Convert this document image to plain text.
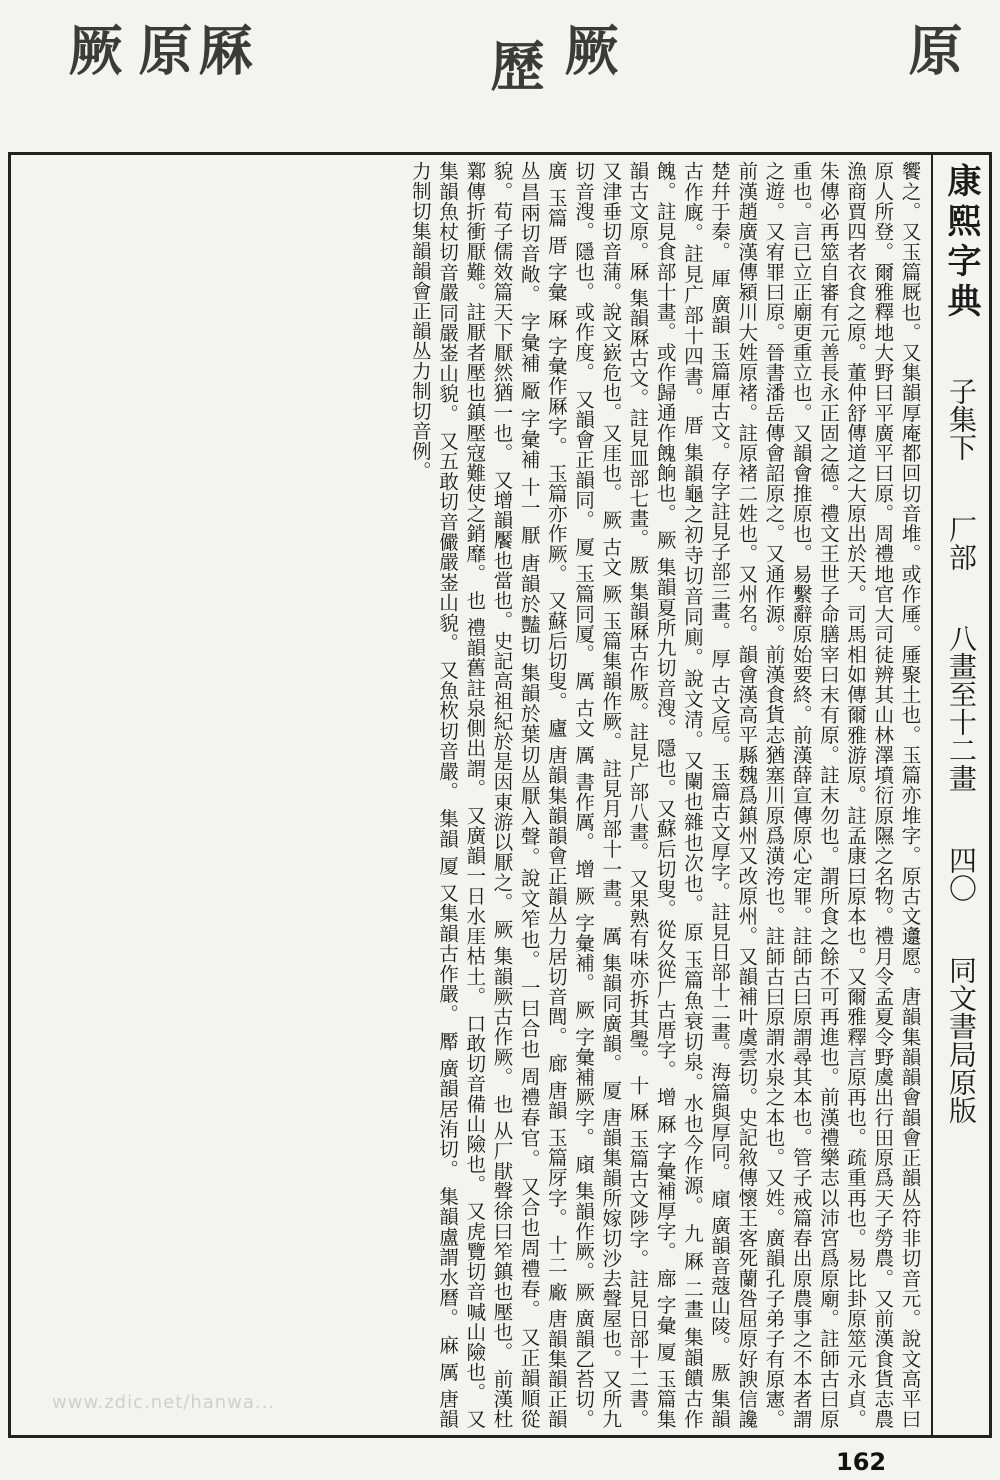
厥 原
厤	歷 厥	原
康熙字典  子集下  厂部  八畫至十二畫  四〇  同文書局原版
饗之。又玉篇厩也。又集韻厚庵都回切音堆。或作厜。厜聚土也。玉篇亦堆字。原古文邍愿。唐韻集韻韻會韻會正韻丛符非切音元。說文高平曰原人所登。爾雅釋地大野曰平廣平曰原。周禮地官大司徒辨其山林澤墳衍原隰之名物。禮月令孟夏令野虞出行田原爲天子勞農。又前漢食貨志農漁商賈四者衣食之原。董仲舒傳道之大原出於天。司馬相如傳爾雅游原。註孟康曰原本也。又爾雅釋言原再也。疏重再也。易比卦原筮元永貞。朱傳必再筮自審有元善長永正固之德。禮文王世子命膳宰曰末有原。註末勿也。謂所食之餘不可再進也。前漢禮樂志以沛宮爲原廟。註師古曰原重也。言已立正廟更重立也。又韻會推原也。易繫辭原始要終。前漢薛宣傳原心定罪。註師古曰原謂尋其本也。管子戒篇春出原農事之不本者謂之遊。又宥罪曰原。晉書潘岳傳會詔原之。又通作源。前漢食貨志猶塞川原爲潢洿也。註師古曰原謂水泉之本也。又姓。廣韻孔子弟子有原憲。前漢趙廣漢傳潁川大姓原褚。註原褚二姓也。又州名。韻會漢高平縣魏爲鎮州又改原州。又韻補叶虞雲切。史記敘傳懷王客死蘭咎屈原好諛信讒楚幷于秦。 厙 廣韻 玉篇厙古文。存字註見子部三畫。 厚 古文垕。 玉篇古文厚字。註見日部十二畫。海篇與厚同。 廎 廣韻音蔻山陵。 厫 集韻古作廐。註見广部十四書。 厝 集韻龜之初寺切音同廁。說文清。又闌也雜也次也。 原 玉篇魚衰切泉。水也今作源。 九 厤 二畫 集韻饋古作餽。註見食部十畫。或作歸通作餽餉也。 厥 集韻夏所九切音溲。隱也。又蘇后切叟。從夂從厂古厝字。 增 厤 字彙補厚字。 廍 字彙 厦 玉篇集韻古文原。厤 集韻厤古文。註見皿部七畫。 厫 集韻厤古作厫。註見广部八畫。 又果熟有味亦拆其璺。 十 厤 玉篇古文陟字。註見日部十二書。又津垂切音蒲。說文嶔危也。又厓也。 厥 古文 厥 玉篇集韻作厥。 註見月部十一畫。 厲 集韻同廣韻。 厦 唐韻集韻所嫁切沙去聲屋也。又所九切音溲。隱也。或作度。 又韻會正韻同。 厦 玉篇同厦。 厲 古文 厲 書作厲。 增 厥 字彙補。 厥 字彙補厥字。 廎 集韻作厥。厥 廣韻乙苔切。 廣 玉篇 厝 字彙 厤 字彙作厤字。 玉篇亦作厥。 又蘇后切叟。 廬 唐韻集韻韻會正韻丛力居切音閭。 廊 唐韻 玉篇厊字。 十二 廠 唐韻集韻正韻丛昌兩切音敞。 字彙補 厰 字彙補 十一 厭 唐韻於豔切 集韻於葉切丛厭入聲。說文笮也。 一曰合也 周禮春官。 又合也周禮春。 又正韻順從貌。荀子儒效篇天下厭然猶一也。 又增韻饜也當也。史記高祖紀於是因東游以厭之。 厥 集韻厥古作厥。 也 从厂猒聲徐曰笮鎮也壓也。 前漢杜鄴傳折衝厭難。註厭者壓也鎮壓寇難使之銷靡。 也 禮韻舊註泉側出謂。 又廣韻一日水厓枯土。 口敢切音備山險也。 又虎覽切音喊山險也。 又集韻魚杖切音嚴同嚴崟山貌。 又五敢切音儼嚴崟山貌。 又魚杴切音嚴。 集韻 厦 又集韻古作嚴。 厴 廣韻居洧切。 集韻盧謂水曆。 麻 厲 唐韻力制切集韻韻會正韻丛力制切音例。
www.zdic.net/hanwa...
162
